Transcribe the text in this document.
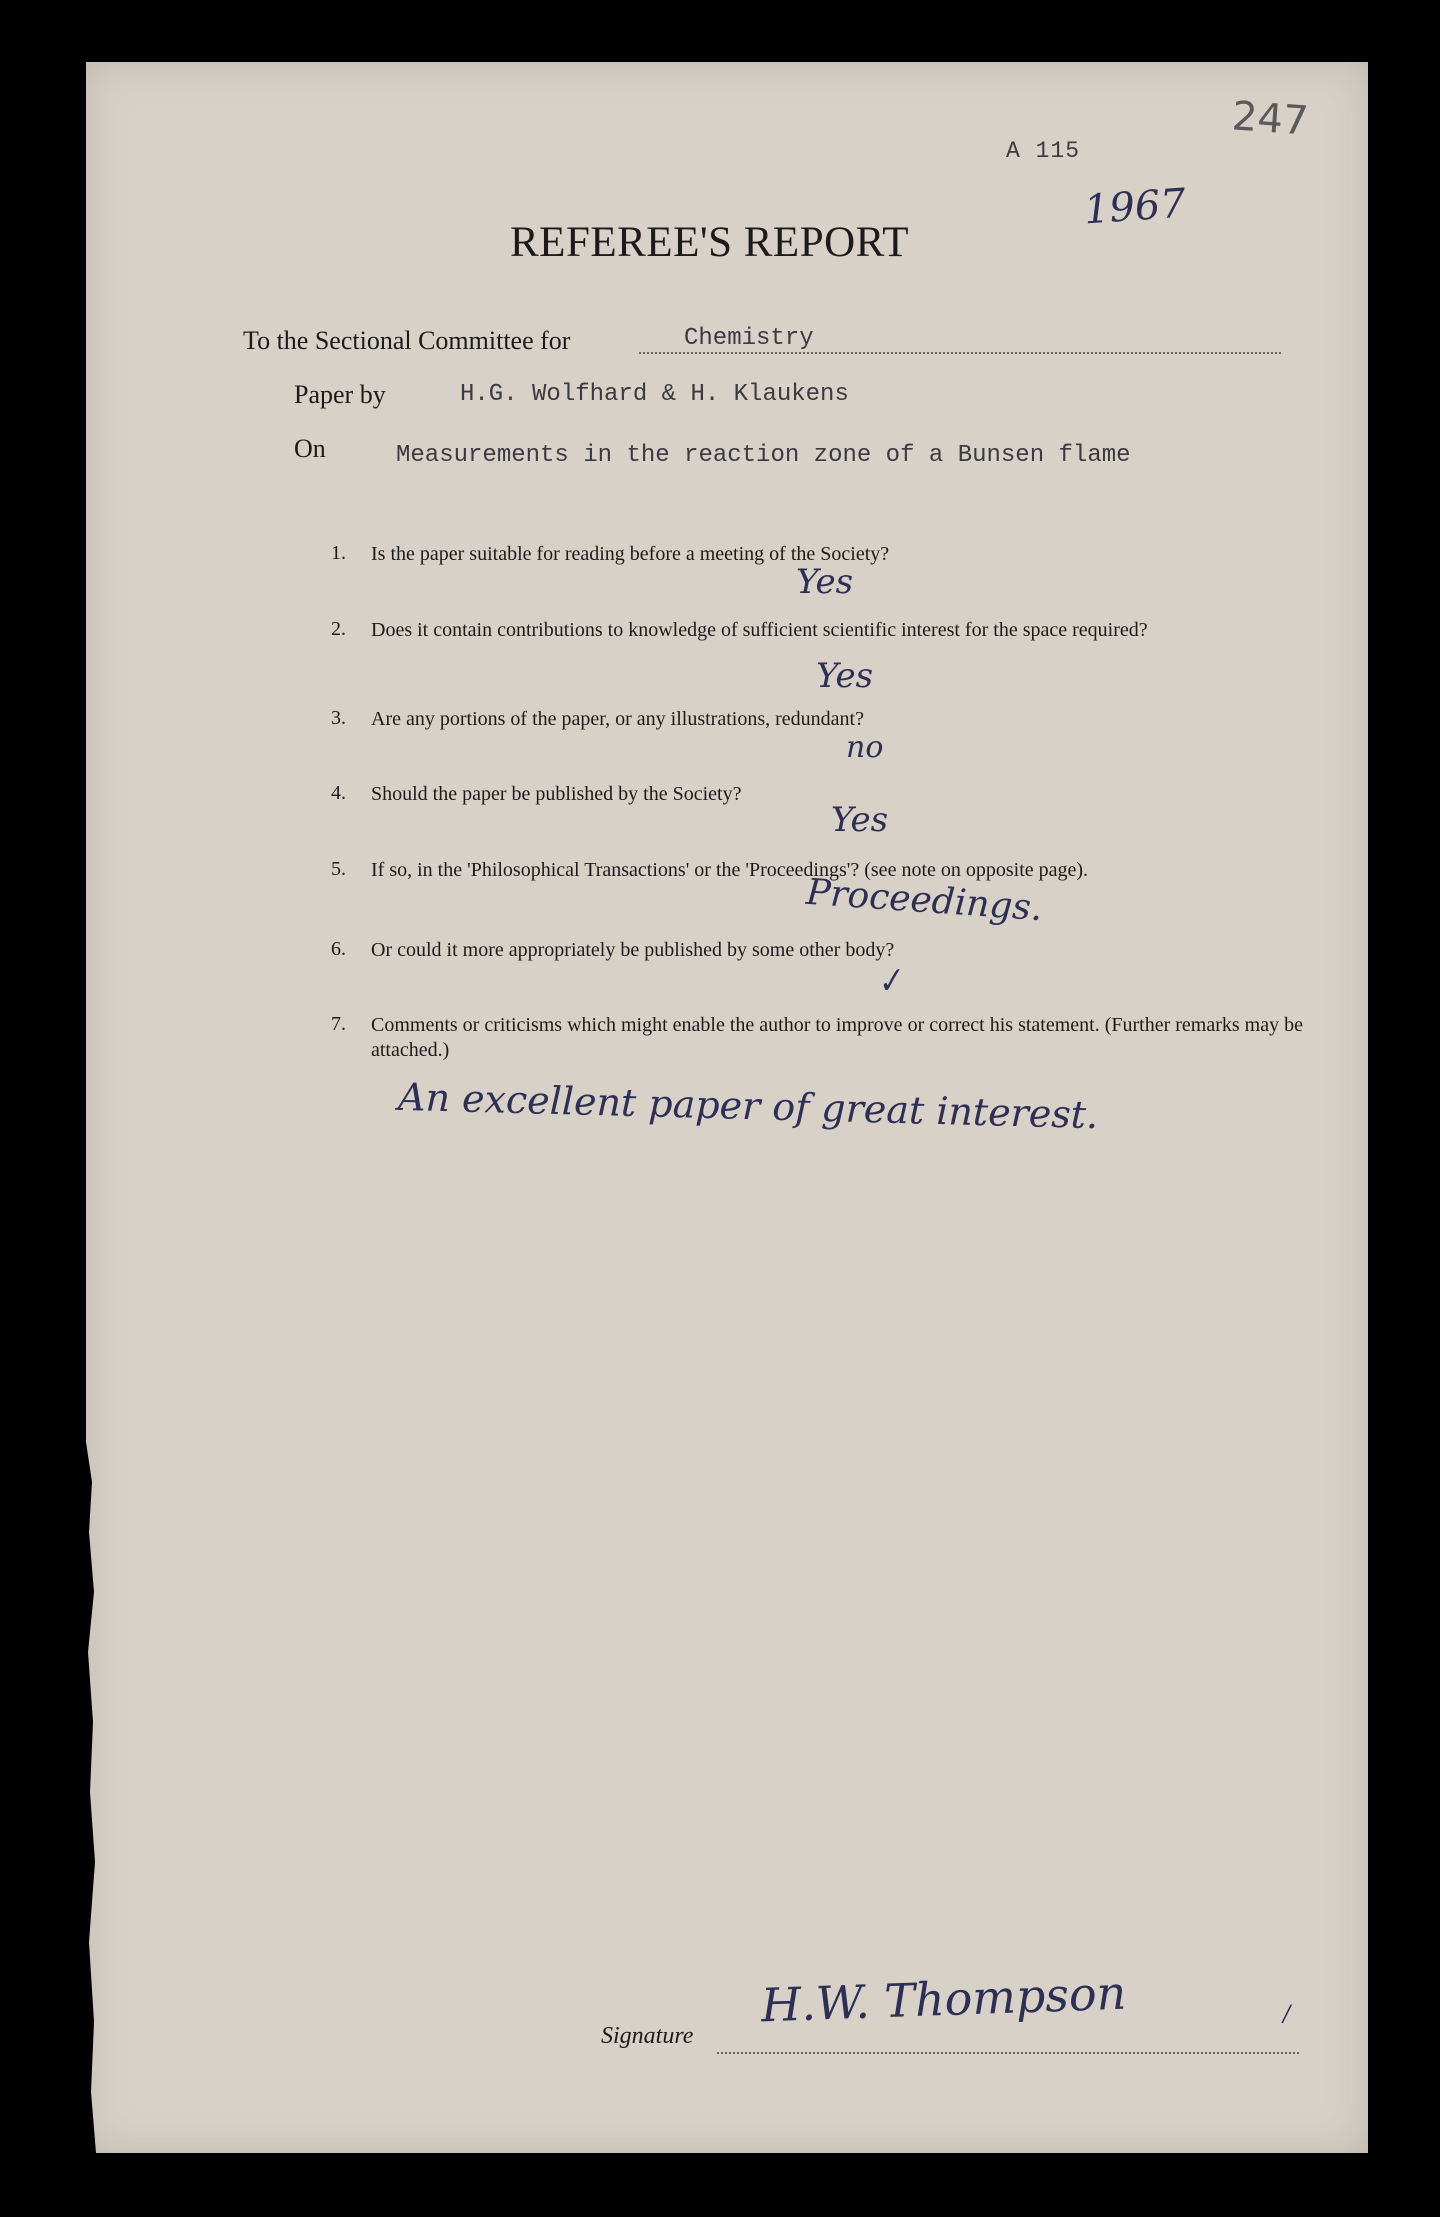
247
A 115
1967
REFEREE'S REPORT
To the Sectional Committee for	Chemistry
Paper by	H.G. Wolfhard & H. Klaukens
On	Measurements in the reaction zone of a Bunsen flame
1. Is the paper suitable for reading before a meeting of the Society?
Yes
2. Does it contain contributions to knowledge of sufficient scientific interest for the space required?
Yes
3. Are any portions of the paper, or any illustrations, redundant?
no
4. Should the paper be published by the Society?
Yes
5. If so, in the 'Philosophical Transactions' or the 'Proceedings'? (see note on opposite page).
Proceedings.
6. Or could it more appropriately be published by some other body?
✓
7. Comments or criticisms which might enable the author to improve or correct his statement. (Further remarks may be attached.)
An excellent paper of great interest.
Signature
H.W. Thompson	/
